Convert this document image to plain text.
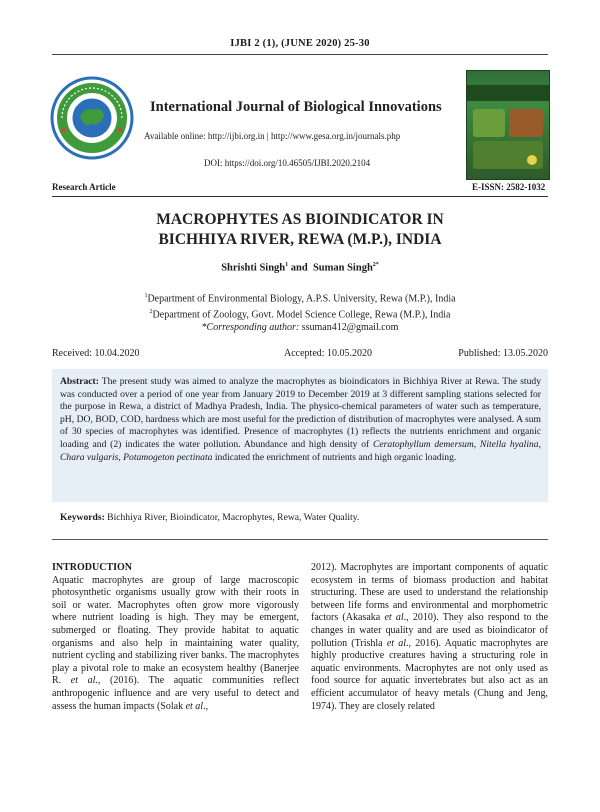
IJBI 2 (1), (JUNE 2020) 25-30
International Journal of Biological Innovations
Available online: http://ijbi.org.in | http://www.gesa.org.in/journals.php
DOI: https://doi.org/10.46505/IJBI.2020.2104
Research Article	E-ISSN: 2582-1032
MACROPHYTES AS BIOINDICATOR IN
BICHHIYA RIVER, REWA (M.P.), INDIA
Shrishti Singh$^1$ and  Suman Singh$^{2*}$
$^1$Department of Environmental Biology, A.P.S. University, Rewa (M.P.), India
$^2$Department of Zoology, Govt. Model Science College, Rewa (M.P.), India
*Corresponding author: ssuman412@gmail.com
Received: 10.04.2020	Accepted: 10.05.2020	Published: 13.05.2020
Abstract: The present study was aimed to analyze the macrophytes as bioindicators in Bichhiya River at Rewa. The study was conducted over a period of one year from January 2019 to December 2019 at 3 different sampling stations selected for the purpose in Rewa, a district of Madhya Pradesh, India. The physico-chemical parameters of water such as temperature, pH, DO, BOD, COD, hardness which are most useful for the prediction of distribution of macrophytes were analysed. A sum of 30 species of macrophytes was identified. Presence of macrophytes (1) reflects the nutrients enrichment and organic loading and (2) indicates the water pollution. Abundance and high density of Ceratophyllum demersum, Nitella hyalina, Chara vulgaris, Potamogeton pectinata indicated the enrichment of nutrients and high organic loading.
Keywords: Bichhiya River, Bioindicator, Macrophytes, Rewa, Water Quality.
INTRODUCTION
Aquatic macrophytes are group of large macroscopic photosynthetic organisms usually grow with their roots in soil or water. Macrophytes often grow more vigorously where nutrient loading is high. They may be emergent, submerged or floating. They provide habitat to aquatic organisms and also help in maintaining water quality, nutrient cycling and stabilizing river banks. The macrophytes play a pivotal role to make an ecosystem healthy (Banerjee R. et al., (2016). The aquatic communities reflect anthropogenic influence and are very useful to detect and assess the human impacts (Solak et al.,
2012). Macrophytes are important components of aquatic ecosystem in terms of biomass production and habitat structuring. These are used to understand the relationship between life forms and environmental and morphometric factors (Akasaka et al., 2010). They also respond to the changes in water quality and are used as bioindicator of pollution (Trishla et al., 2016). Aquatic macrophytes are highly productive creatures having a structuring role in aquatic environments. Macrophytes are not only used as food source for aquatic invertebrates but also act as an efficient accumulator of heavy metals (Chung and Jeng, 1974). They are closely related
